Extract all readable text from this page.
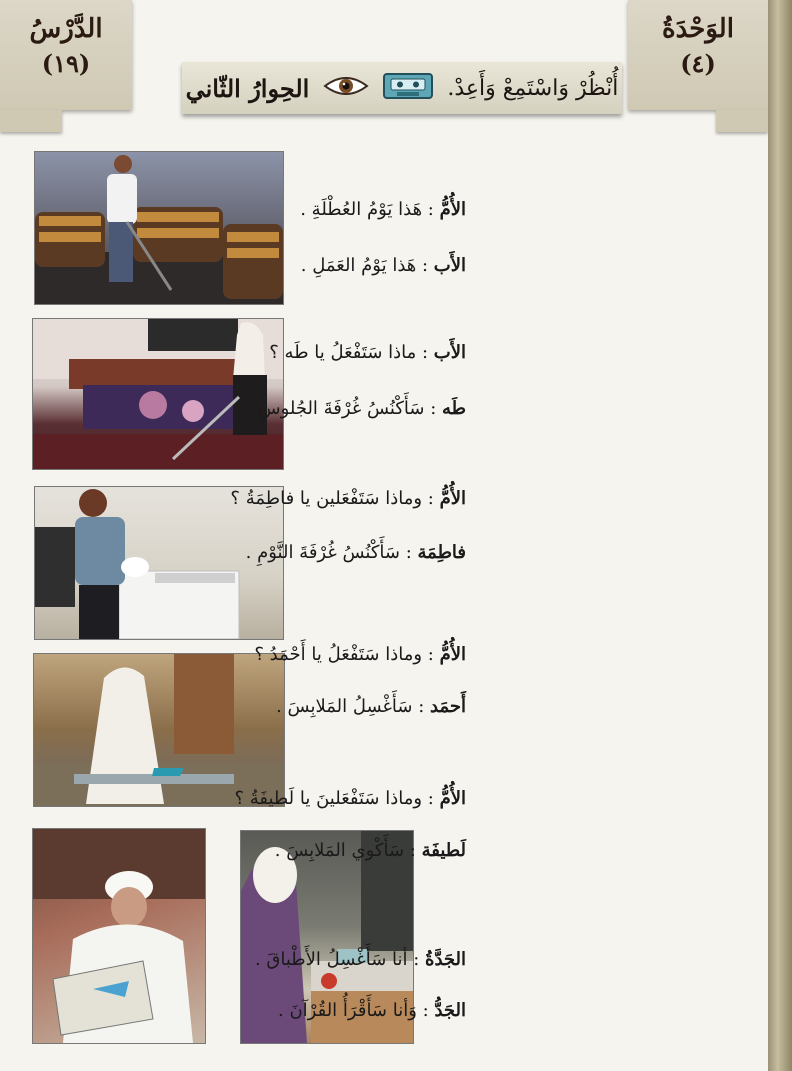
الدَّرْسُ
(١٩)
الوَحْدَةُ
(٤)
الحِوارُ الثّاني	أُنْظُرْ وَاسْتَمِعْ وَأَعِدْ.
الأُمُّ : هَذا يَوْمُ العُطْلَةِ .
الأَب : هَذا يَوْمُ العَمَلِ .
الأَب : ماذا سَتَفْعَلُ يا طَه ؟
طَه : سَأَكْنُسُ غُرْفَةَ الجُلوسِ .
الأُمُّ : وماذا سَتَفْعَلين يا فاطِمَةُ ؟
فاطِمَة : سَأَكْنُسُ غُرْفَةَ النَّوْمِ .
الأُمُّ : وماذا سَتَفْعَلُ يا أَحْمَدُ ؟
أَحمَد : سَأَغْسِلُ المَلابِسَ .
الأُمُّ : وماذا سَتَفْعَلينَ يا لَطيفَةُ ؟
لَطيفَة : سَأَكْوي المَلابِسَ .
الجَدَّةُ : أنا سَأَغْسِلُ الأَطْباقَ .
الجَدُّ : وَأنا سَأَقْرَأُ القُرْآنَ .
